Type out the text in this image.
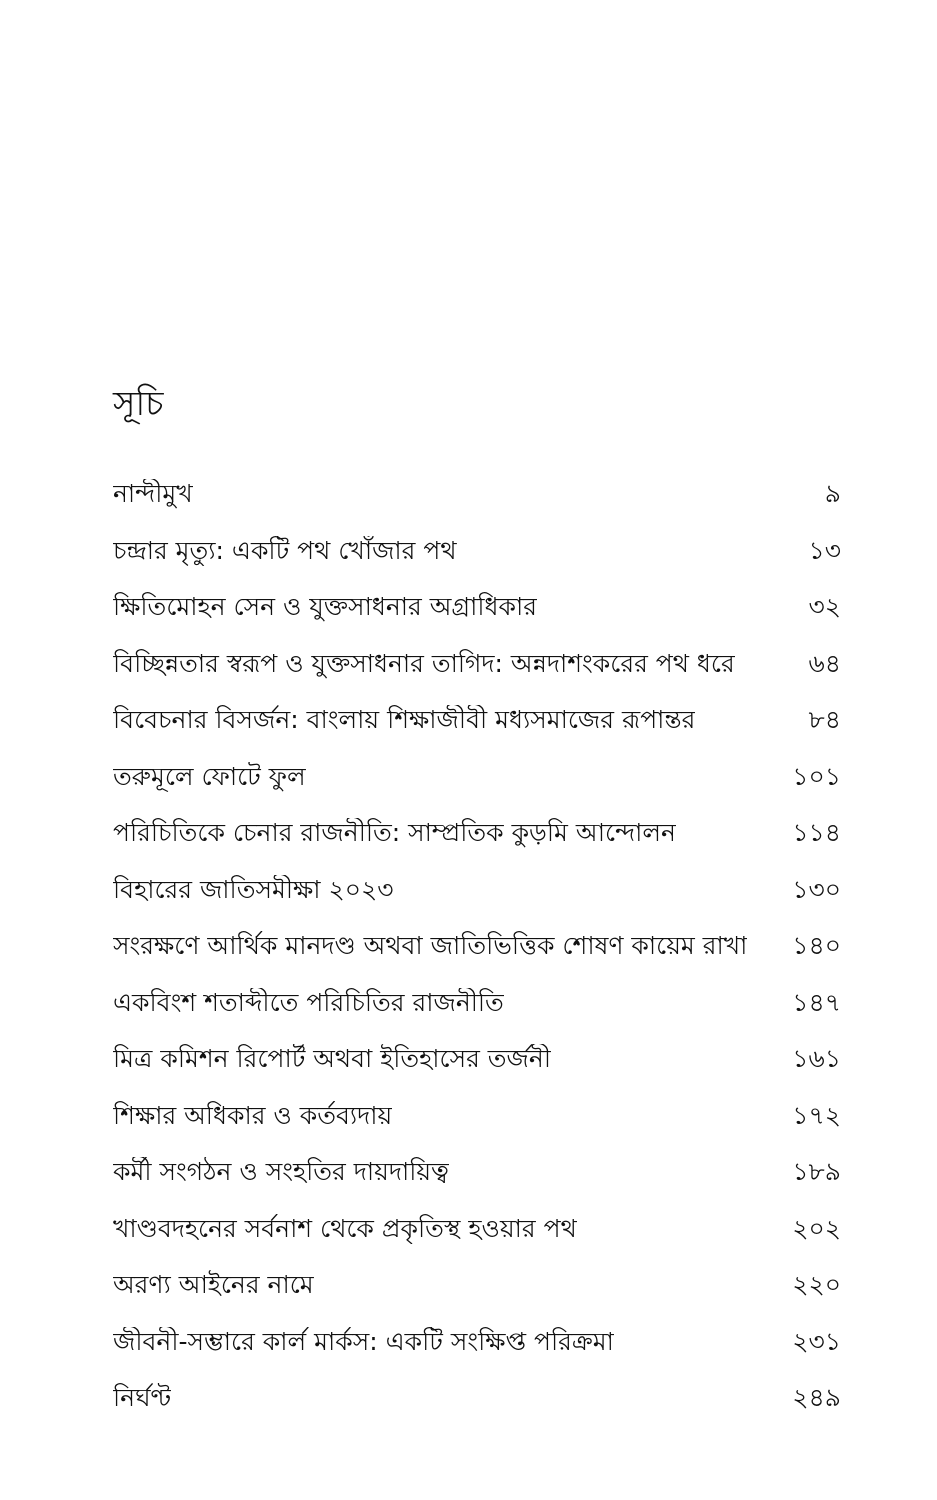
সূচি
নান্দীমুখ	৯
চন্দ্রার মৃত্যু: একটি পথ খোঁজার পথ	১৩
ক্ষিতিমোহন সেন ও যুক্তসাধনার অগ্রাধিকার	৩২
বিচ্ছিন্নতার স্বরূপ ও যুক্তসাধনার তাগিদ: অন্নদাশংকরের পথ ধরে	৬৪
বিবেচনার বিসর্জন: বাংলায় শিক্ষাজীবী মধ্যসমাজের রূপান্তর	৮৪
তরুমূলে ফোটে ফুল	১০১
পরিচিতিকে চেনার রাজনীতি: সাম্প্রতিক কুড়মি আন্দোলন	১১৪
বিহারের জাতিসমীক্ষা ২০২৩	১৩০
সংরক্ষণে আর্থিক মানদণ্ড অথবা জাতিভিত্তিক শোষণ কায়েম রাখা ১৪০
একবিংশ শতাব্দীতে পরিচিতির রাজনীতি	১৪৭
মিত্র কমিশন রিপোর্ট অথবা ইতিহাসের তর্জনী	১৬১
শিক্ষার অধিকার ও কর্তব্যদায়	১৭২
কর্মী সংগঠন ও সংহতির দায়দায়িত্ব	১৮৯
খাণ্ডবদহনের সর্বনাশ থেকে প্রকৃতিস্থ হওয়ার পথ	২০২
অরণ্য আইনের নামে	২২০
জীবনী-সম্ভারে কার্ল মার্কস: একটি সংক্ষিপ্ত পরিক্রমা	২৩১
নির্ঘণ্ট	২৪৯
